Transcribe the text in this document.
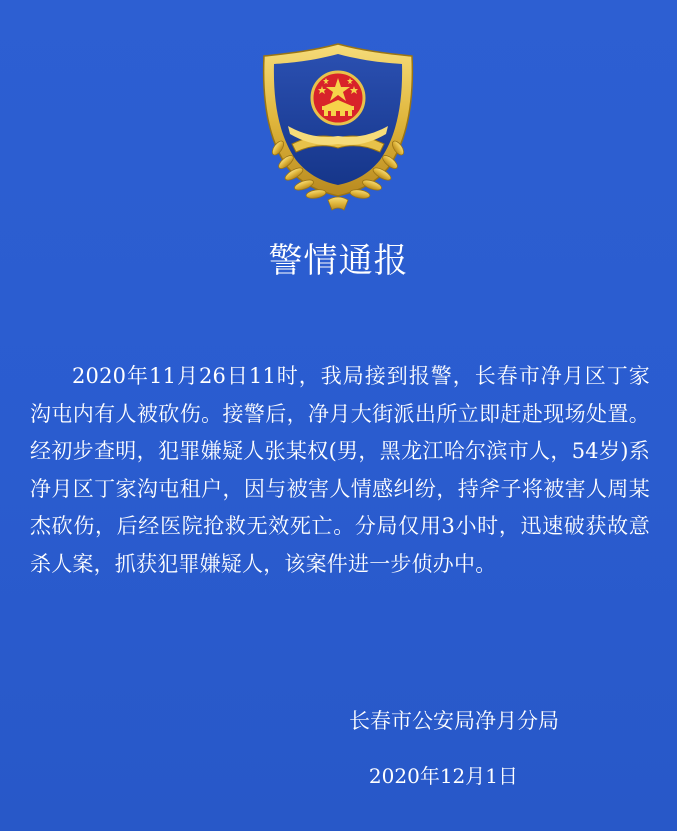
警情通报
2020年11月26日11时，我局接到报警，长春市净月区丁家沟屯内有人被砍伤。接警后，净月大街派出所立即赶赴现场处置。经初步查明，犯罪嫌疑人张某权(男，黑龙江哈尔滨市人，54岁)系净月区丁家沟屯租户，因与被害人情感纠纷，持斧子将被害人周某杰砍伤，后经医院抢救无效死亡。分局仅用3小时，迅速破获故意杀人案，抓获犯罪嫌疑人，该案件进一步侦办中。
长春市公安局净月分局
2020年12月1日
